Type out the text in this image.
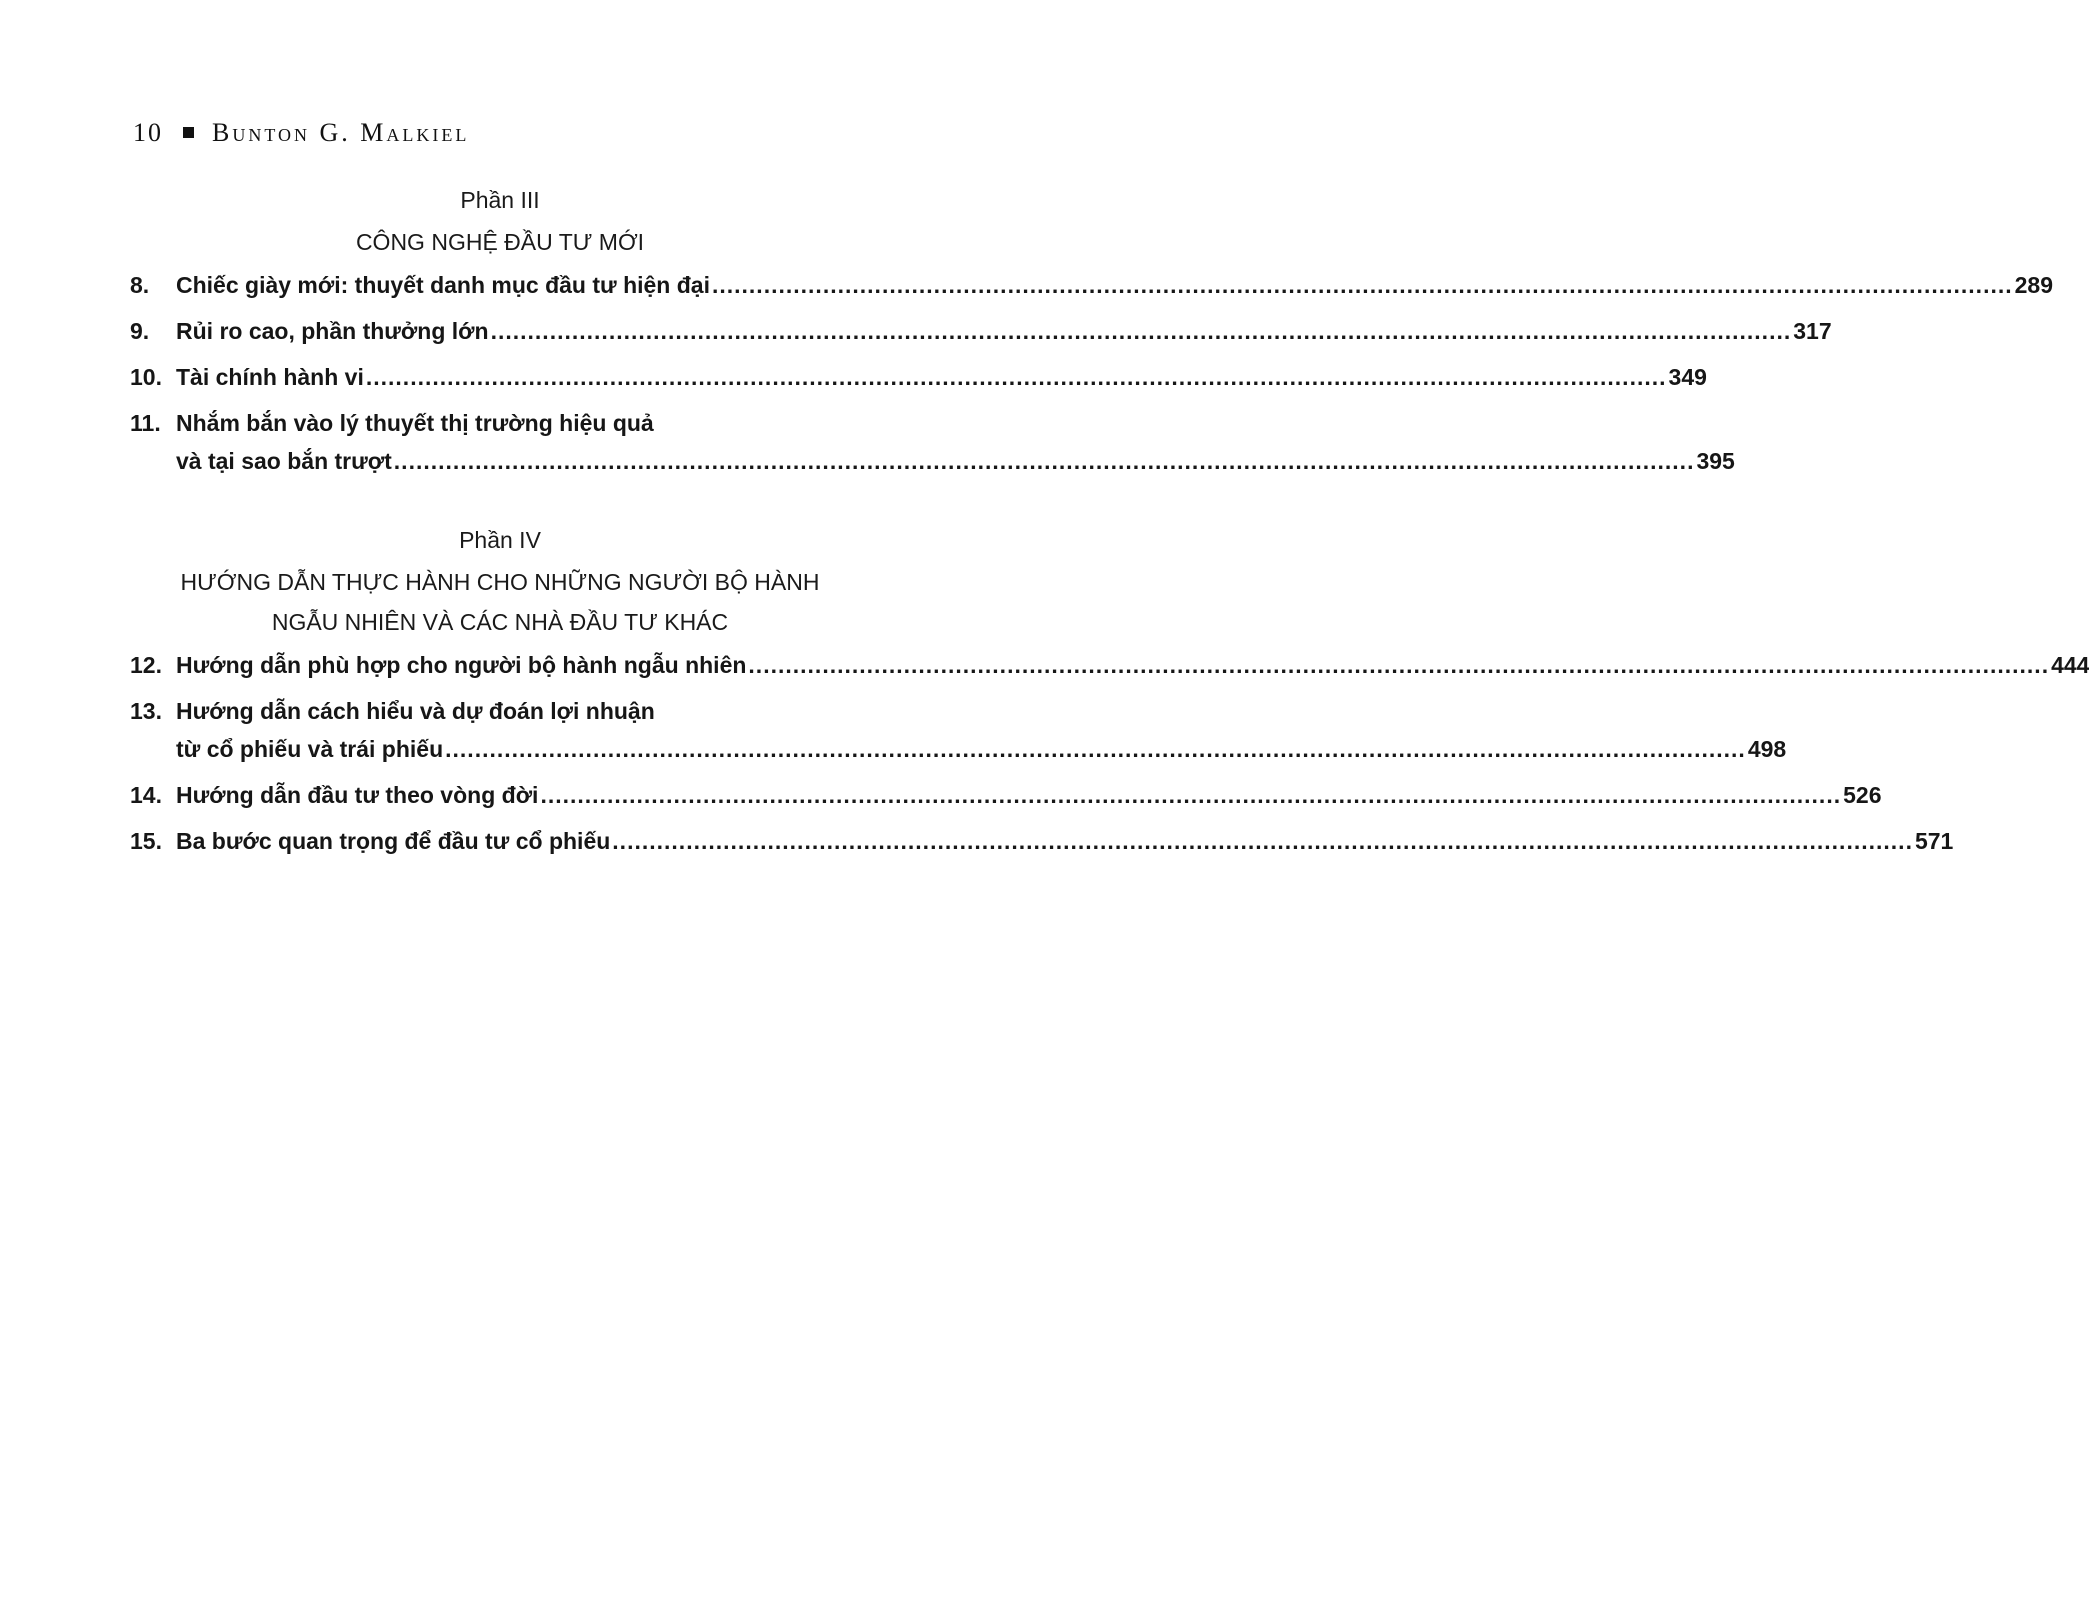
10 Bunton G. Malkiel
Phần III
CÔNG NGHỆ ĐẦU TƯ MỚI
8.	Chiếc giày mới: thuyết danh mục đầu tư hiện đại .....	289
9.	Rủi ro cao, phần thưởng lớn .....	317
10. Tài chính hành vi .....	349
11. Nhắm bắn vào lý thuyết thị trường hiệu quả
và tại sao bắn trượt .....	395
Phần IV
HƯỚNG DẪN THỰC HÀNH CHO NHỮNG NGƯỜI BỘ HÀNH
NGẪU NHIÊN VÀ CÁC NHÀ ĐẦU TƯ KHÁC
12. Hướng dẫn phù hợp cho người bộ hành ngẫu nhiên .....	444
13. Hướng dẫn cách hiểu và dự đoán lợi nhuận
từ cổ phiếu và trái phiếu .....	498
14. Hướng dẫn đầu tư theo vòng đời .....	526
15. Ba bước quan trọng để đầu tư cổ phiếu .....	571
